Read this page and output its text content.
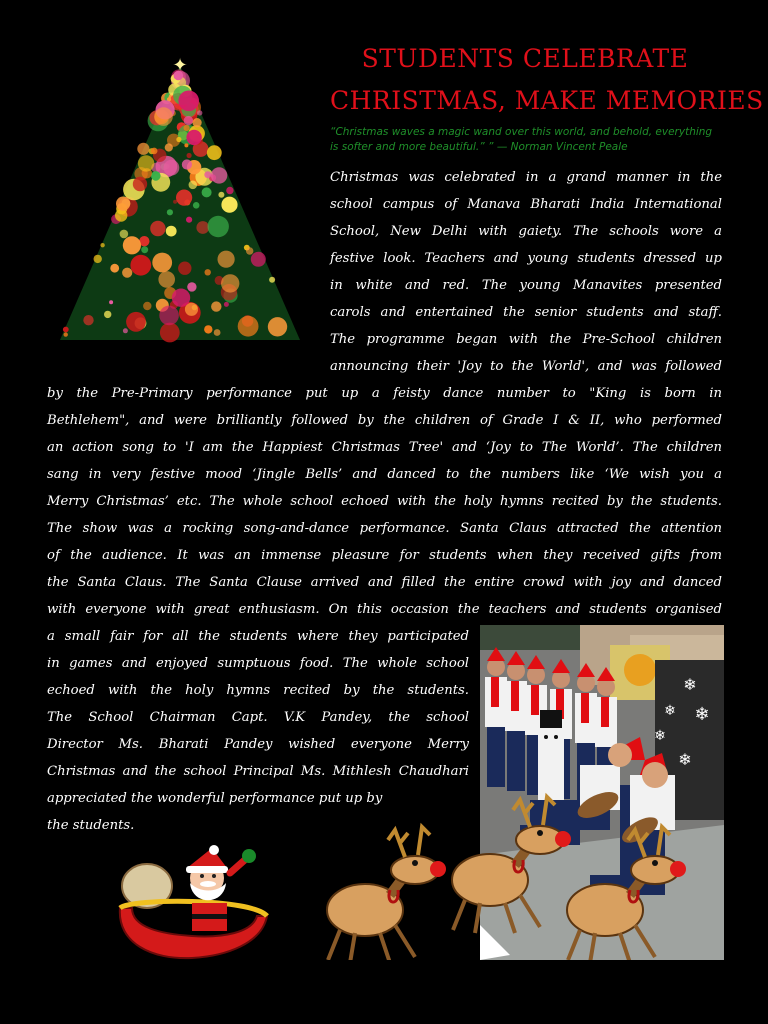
STUDENTS CELEBRATE
CHRISTMAS, MAKE MEMORIES
“Christmas waves a magic wand over this world, and behold, everything is softer and more beautiful.” ” — Norman Vincent Peale
Christmas was celebrated in a grand manner in the
school campus of Manava Bharati India International
School, New Delhi with gaiety. The schools wore a
festive look. Teachers and young students dressed up
in white and red. The young Manavites presented
carols and entertained the senior students and staff.
The programme began with the Pre-School children
announcing their 'Joy to the World', and was followed
by the Pre-Primary performance put up a feisty dance number to "King is born in
Bethlehem", and were brilliantly followed by the children of Grade I & II, who performed
an action song to 'I am the Happiest Christmas Tree' and ‘Joy to The World’. The children
sang in very festive mood ‘Jingle Bells’ and danced to the numbers like ‘We wish you a
Merry Christmas’ etc. The whole school echoed with the holy hymns recited by the students.
The show was a rocking song-and-dance performance. Santa Claus attracted the attention
of the audience. It was an immense pleasure for students when they received gifts from
the Santa Claus. The Santa Clause arrived and filled the entire crowd with joy and danced
with everyone with great enthusiasm. On this occasion the teachers and students organised
a small fair for all the students where they participated
in games and enjoyed sumptuous food. The whole school
echoed with the holy hymns recited by the students.
The School Chairman Capt. V.K Pandey, the school
Director Ms. Bharati Pandey wished everyone Merry
Christmas and the school Principal Ms. Mithlesh Chaudhari
appreciated the wonderful performance put up by
the students.
✦
❄
❄ ❄
❄
❄
